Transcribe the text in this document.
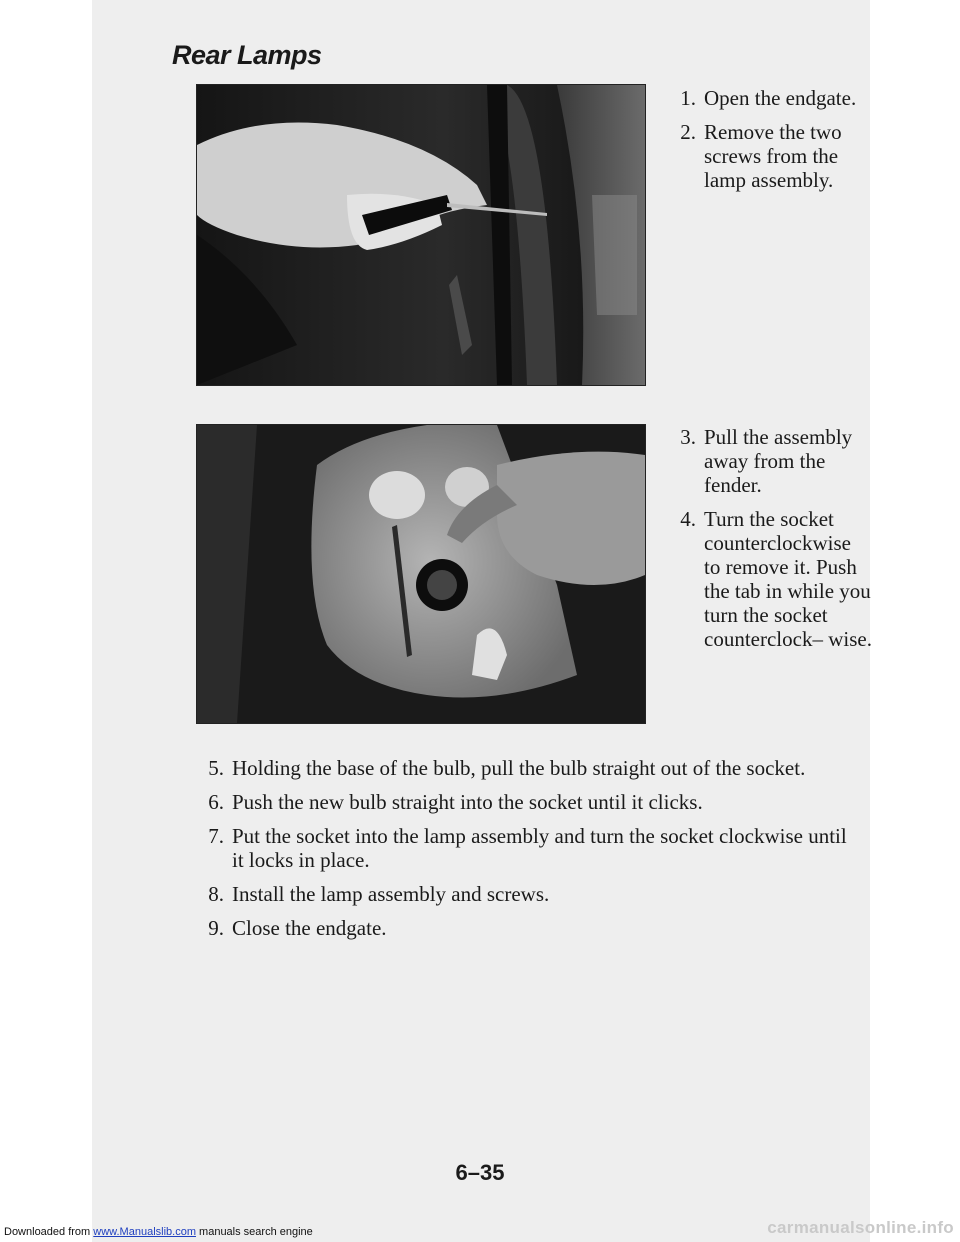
Rear Lamps
1. Open the endgate.
2. Remove the two screws from the lamp assembly.
3. Pull the assembly away from the fender.
4. Turn the socket counterclockwise to remove it. Push the tab in while you turn the socket counterclock– wise.
5. Holding the base of the bulb, pull the bulb straight out of the socket.
6. Push the new bulb straight into the socket until it clicks.
7. Put the socket into the lamp assembly and turn the socket clockwise until it locks in place.
8. Install the lamp assembly and screws.
9. Close the endgate.
6–35
Downloaded from www.Manualslib.com manuals search engine	carmanualsonline.info
